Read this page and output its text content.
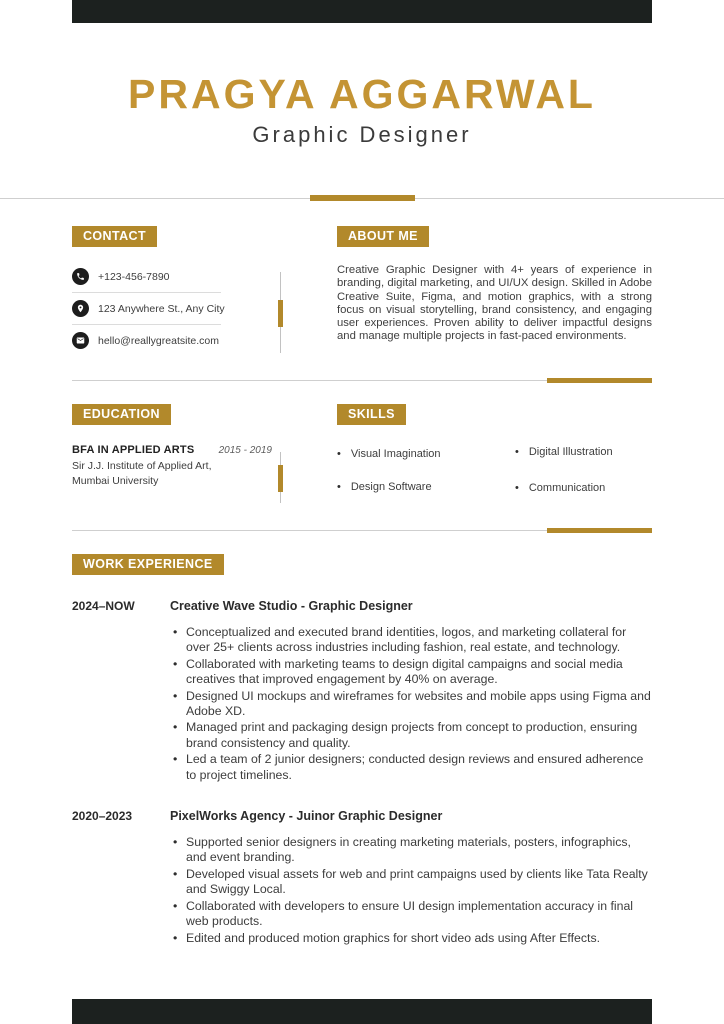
PRAGYA AGGARWAL
Graphic Designer
CONTACT
+123-456-7890
123 Anywhere St., Any City
hello@reallygreatsite.com
ABOUT ME

Creative Graphic Designer with 4+ years of experience in branding, digital marketing, and UI/UX design. Skilled in Adobe Creative Suite, Figma, and motion graphics, with a strong focus on visual storytelling, brand consistency, and engaging user experiences. Proven ability to deliver impactful designs and manage multiple projects in fast-paced environments.

EDUCATION
BFA IN APPLIED ARTS 2015 - 2019
Sir J.J. Institute of Applied Art,
Mumbai University
SKILLS
• Visual Imagination
• Design Software
• Digital Illustration
• Communication
WORK EXPERIENCE
2024–NOW	Creative Wave Studio - Graphic Designer
• Conceptualized and executed brand identities, logos, and marketing collateral for over 25+ clients across industries including fashion, real estate, and technology.
• Collaborated with marketing teams to design digital campaigns and social media creatives that improved engagement by 40% on average.
• Designed UI mockups and wireframes for websites and mobile apps using Figma and Adobe XD.
• Managed print and packaging design projects from concept to production, ensuring brand consistency and quality.
• Led a team of 2 junior designers; conducted design reviews and ensured adherence to project timelines.
2020–2023	PixelWorks Agency - Juinor Graphic Designer
• Supported senior designers in creating marketing materials, posters, infographics, and event branding.
• Developed visual assets for web and print campaigns used by clients like Tata Realty and Swiggy Local.
• Collaborated with developers to ensure UI design implementation accuracy in final web products.
• Edited and produced motion graphics for short video ads using After Effects.
